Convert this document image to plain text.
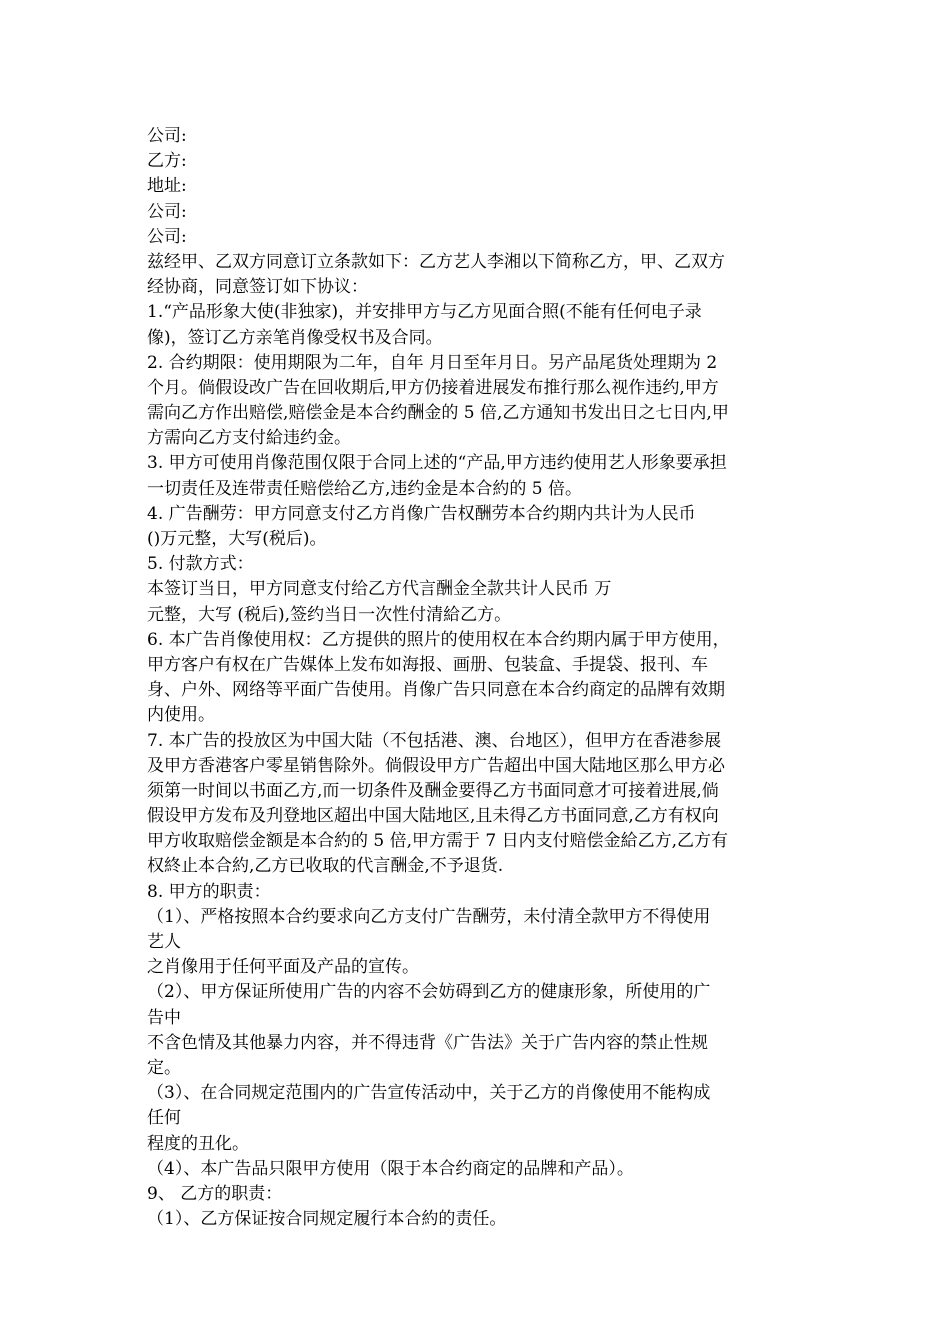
公司:
乙方:
地址:
公司:
公司:
兹经甲、乙双方同意订立条款如下：乙方艺人李湘以下简称乙方，甲、乙双方
经协商，同意签订如下协议：
1.“产品形象大使(非独家)，并安排甲方与乙方见面合照(不能有任何电子录
像)，签订乙方亲笔肖像受权书及合同。
2. 合约期限：使用期限为二年，自年 月日至年月日。另产品尾货处理期为 2
个月。倘假设改广告在回收期后,甲方仍接着进展发布推行那么视作违约,甲方
需向乙方作出赔偿,赔偿金是本合约酬金的 5 倍,乙方通知书发出日之七日内,甲
方需向乙方支付給违约金。
3. 甲方可使用肖像范围仅限于合同上述的“产品,甲方违约使用艺人形象要承担
一切责任及连带责任赔偿给乙方,违约金是本合約的 5 倍。
4. 广告酬劳：甲方同意支付乙方肖像广告权酬劳本合约期内共计为人民币
()万元整，大写(税后)。
5. 付款方式：
本签订当日，甲方同意支付给乙方代言酬金全款共计人民币 万
元整，大写 (税后),签约当日一次性付清給乙方。
6. 本广告肖像使用权：乙方提供的照片的使用权在本合约期内属于甲方使用，
甲方客户有权在广告媒体上发布如海报、画册、包装盒、手提袋、报刊、车
身、户外、网络等平面广告使用。肖像广告只同意在本合约商定的品牌有效期
内使用。
7. 本广告的投放区为中国大陆（不包括港、澳、台地区），但甲方在香港参展
及甲方香港客户零星销售除外。倘假设甲方广告超出中国大陆地区那么甲方必
须第一时间以书面乙方,而一切条件及酬金要得乙方书面同意才可接着进展,倘
假设甲方发布及刋登地区超出中国大陆地区,且未得乙方书面同意,乙方有权向
甲方收取赔偿金额是本合約的 5 倍,甲方需于 7 日内支付赔偿金給乙方,乙方有
权終止本合約,乙方已收取的代言酬金,不予退货.
8. 甲方的职责：
（1）、严格按照本合约要求向乙方支付广告酬劳，未付清全款甲方不得使用
艺人
之肖像用于任何平面及产品的宣传。
（2）、甲方保证所使用广告的内容不会妨碍到乙方的健康形象，所使用的广
告中
不含色情及其他暴力内容，并不得违背《广告法》关于广告内容的禁止性规
定。
（3）、在合同规定范围内的广告宣传活动中，关于乙方的肖像使用不能构成
任何
程度的丑化。
（4）、本广告品只限甲方使用（限于本合约商定的品牌和产品）。
9、 乙方的职责：
（1）、乙方保证按合同规定履行本合約的责任。
